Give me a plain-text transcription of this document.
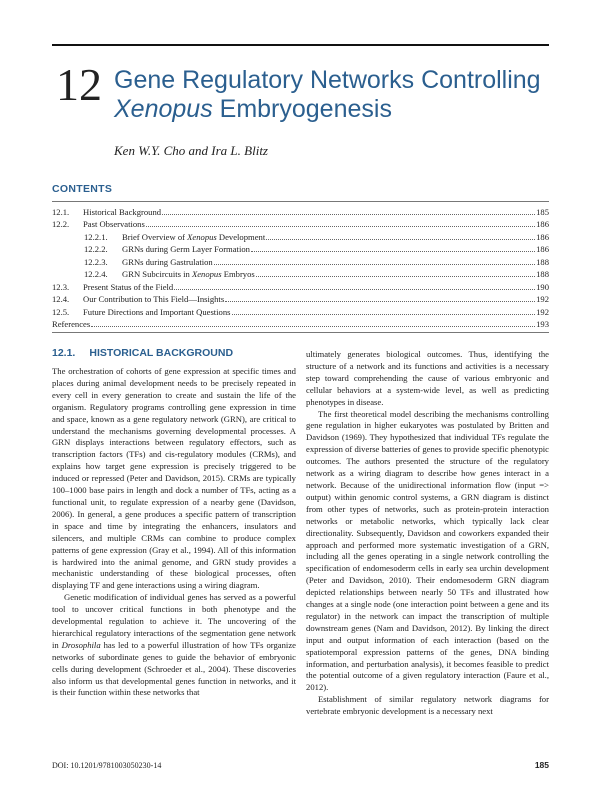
12 Gene Regulatory Networks Controlling
Xenopus Embryogenesis
Ken W.Y. Cho and Ira L. Blitz
CONTENTS
12.1.	Historical Background	185
12.2.	Past Observations	186
12.2.1.	Brief Overview of Xenopus Development	186
12.2.2.	GRNs during Germ Layer Formation	186
12.2.3.	GRNs during Gastrulation	188
12.2.4.	GRN Subcircuits in Xenopus Embryos	188
12.3.	Present Status of the Field	190
12.4.	Our Contribution to This Field—Insights	192
12.5.	Future Directions and Important Questions	192
References	193
12.1. HISTORICAL BACKGROUND

The orchestration of cohorts of gene expression at specific times and places during animal development needs to be precisely repeated in every cell in every generation to create and sustain the life of the organism. Regulatory programs controlling gene expression in time and space, known as a gene regulatory network (GRN), are critical to understand the mechanisms governing developmental processes. A GRN displays interactions between regulatory effectors, such as transcription factors (TFs) and cis-regulatory modules (CRMs), and explains how target gene expression is precisely triggered to be induced or repressed (Peter and Davidson, 2015). CRMs are typically 100–1000 base pairs in length and dock a number of TFs, acting as a functional unit, to regulate expression of a nearby gene (Davidson, 2006). In general, a gene produces a specific pattern of transcription in space and time by integrating the enhancers, insulators and silencers, and multiple CRMs can combine to produce complex patterns of gene expression (Gray et al., 1994). All of this information is hardwired into the animal genome, and GRN study provides a mechanistic understanding of these biological processes, often displaying TF and gene interactions using a wiring diagram.

Genetic modification of individual genes has served as a powerful tool to uncover critical functions in both phenotype and the developmental regulation to achieve it. The uncovering of the hierarchical regulatory interactions of the segmentation gene network in Drosophila has led to a powerful illustration of how TFs organize networks of subordinate genes to guide the behavior of embryonic cells during development (Schroeder et al., 2004). These discoveries also inform us that developmental genes function in networks, and it is their function within these networks that

ultimately generates biological outcomes. Thus, identifying the structure of a network and its functions and activities is a necessary step toward comprehending the cause of various embryonic and cellular behaviors at a system-wide level, as well as predicting phenotypes in disease.

The first theoretical model describing the mechanisms controlling gene regulation in higher eukaryotes was postulated by Britten and Davidson (1969). They hypothesized that individual TFs regulate the expression of diverse batteries of genes to provide specific phenotypic outcomes. The authors presented the structure of the regulatory network as a wiring diagram to describe how genes interact in a network. Because of the unidirectional information flow (input => output) within genomic control systems, a GRN diagram is distinct from other types of networks, such as protein-protein interaction networks or metabolic networks, which typically lack clear directionality. Subsequently, Davidson and coworkers expanded their approach and performed more systematic investigation of a GRN, including all the genes operating in a single network controlling the specification of endomesoderm cells in early sea urchin development (Peter and Davidson, 2010). Their endomesoderm GRN diagram depicted relationships between nearly 50 TFs and illustrated how changes at a single node (one interaction point between a gene and its regulator) in the network can impact the transcription of multiple downstream genes (Nam and Davidson, 2012). By linking the direct input and output information of each interaction (based on the spatiotemporal expression patterns of the genes, DNA binding information, and perturbation analysis), it becomes feasible to predict the potential outcome of a given regulatory interaction (Faure et al., 2012).

Establishment of similar regulatory network diagrams for vertebrate embryonic development is a necessary next

DOI: 10.1201/9781003050230-14	185
